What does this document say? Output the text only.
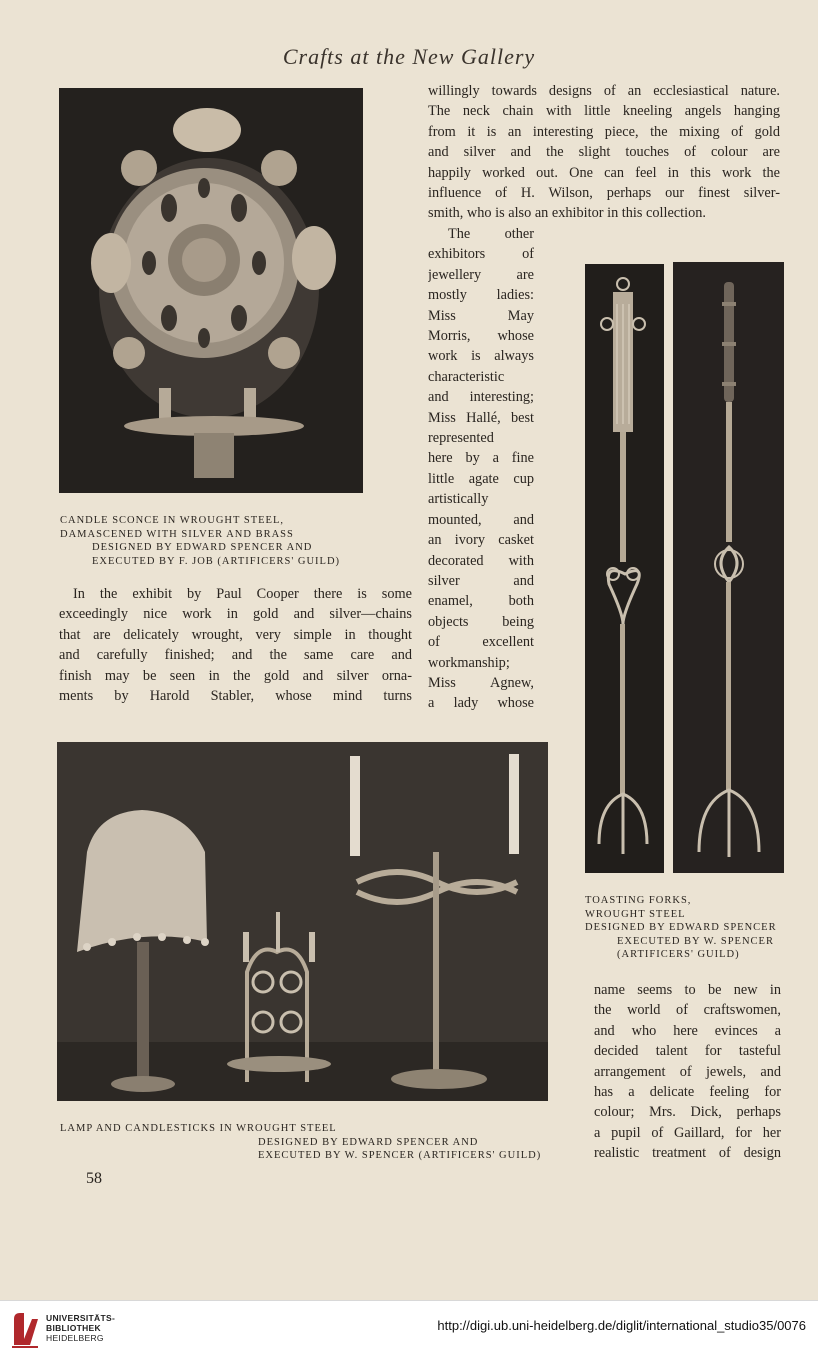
Crafts at the New Gallery
CANDLE SCONCE IN WROUGHT STEEL,
DAMASCENED WITH SILVER AND BRASS
DESIGNED BY EDWARD SPENCER AND
EXECUTED BY F. JOB (ARTIFICERS' GUILD)
willingly towards designs of an ecclesiastical nature.
The neck chain with little kneeling angels hanging
from it is an interesting piece, the mixing of gold
and silver and the slight touches of colour are
happily worked out. One can feel in this work the
influence of H. Wilson, perhaps our finest silver-
smith, who is also an exhibitor in this collection.
The other
exhibitors of
jewellery are
mostly ladies:
Miss May
Morris, whose
work is always
characteristic
and interesting;
Miss Hallé, best
represented
here by a fine
little agate cup
artistically
mounted, and
an ivory casket
decorated with
silver and
enamel, both
objects being
of excellent
workmanship;
Miss Agnew,
a lady whose
In the exhibit by Paul Cooper there is some
exceedingly nice work in gold and silver—chains
that are delicately wrought, very simple in thought
and carefully finished; and the same care and
finish may be seen in the gold and silver orna-
ments by Harold Stabler, whose mind turns
TOASTING FORKS,
WROUGHT STEEL
DESIGNED BY EDWARD SPENCER
EXECUTED BY W. SPENCER
(ARTIFICERS' GUILD)
LAMP AND CANDLESTICKS IN WROUGHT STEEL
DESIGNED BY EDWARD SPENCER AND
EXECUTED BY W. SPENCER (ARTIFICERS' GUILD)
name seems to be new in
the world of craftswomen,
and who here evinces a
decided talent for tasteful
arrangement of jewels, and
has a delicate feeling for
colour; Mrs. Dick, perhaps
a pupil of Gaillard, for her
realistic treatment of design
58
UNIVERSITÄTS-
BIBLIOTHEK
HEIDELBERG
http://digi.ub.uni-heidelberg.de/diglit/international_studio35/0076
